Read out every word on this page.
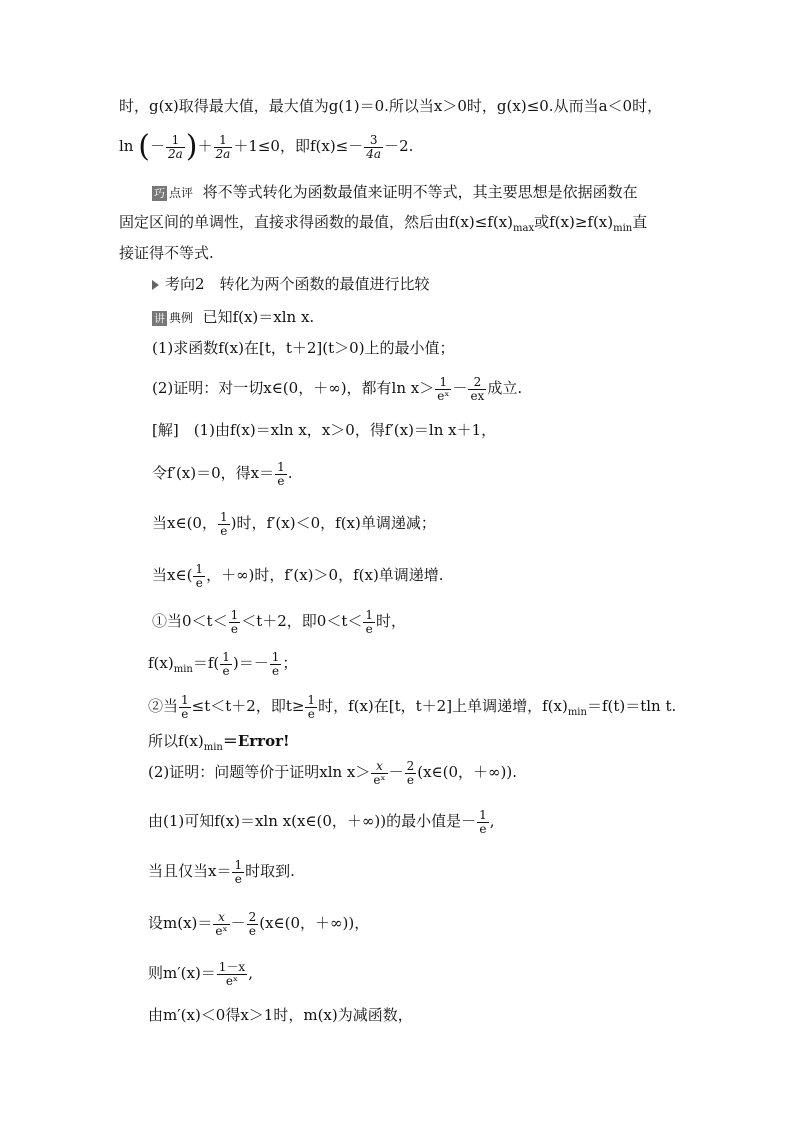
时，g(x)取得最大值，最大值为g(1)＝0.所以当x＞0时，g(x)≤0.从而当a＜0时，
ln (－ $\frac{1}{2a}$ )＋ $\frac{1}{2a} +1\le 0$，即$f(x)\le- \frac{3}{4a} -2$.
巧 点评 将不等式转化为函数最值来证明不等式，其主要思想是依据函数在
固定区间的单调性，直接求得函数的最值，然后由$f(x)\le f(x)_{max}$或$f(x)\ge f(x)_{min}$直
接证得不等式.
考向2　转化为两个函数的最值进行比较
讲 典例 已知f(x)＝xln x.
(1)求函数f(x)在[t，t＋2](t＞0)上的最小值；
(2)证明：对一切x∈(0，＋∞)，都有$\ln x> \frac{1}{\text{eˣ}} - \frac{2}{ex}$ 成立.
[解]　(1)由f(x)＝xln x，x＞0，得f′(x)＝ln x＋1，
令f′(x)＝0，得$x= \frac{1}{e}$ .
当x∈(0， $\frac{1}{e}$ )时，f′(x)＜0，f(x)单调递减；
当x∈( $\frac{1}{e}$ ，＋∞)时，f′(x)＞0，f(x)单调递增.
①当$0<t< \frac{1}{e} <t+2$，即$0<t< \frac{1}{e}$ 时，
$f(x)_{min}=f( \frac{1}{e}$ )＝－ $\frac{1}{e}$ ；
②当 $\frac{1}{e} \le t<t+2$，即$t\ge \frac{1}{e}$ 时，f(x)在[t，t＋2]上单调递增，$f(x)_{min}=f(t)=tln$ t.
所以$f(x)_{min}=Error$!
(2)证明：问题等价于证明xln $x> \frac{x}{\text{eˣ}} - \frac{2}{e}$ (x∈(0，＋∞)).
由(1)可知f(x)＝xln x(x∈(0，＋∞))的最小值是－ $\frac{1}{e}$ ,
当且仅当$x= \frac{1}{e}$ 时取到.
设$m(x)= \frac{x}{\text{eˣ}} - \frac{2}{e}$ (x∈(0，＋∞))，
则$m'(x)= \frac{1-x}{\text{eˣ}}$ ,
由m′(x)＜0得x＞1时，m(x)为减函数，
